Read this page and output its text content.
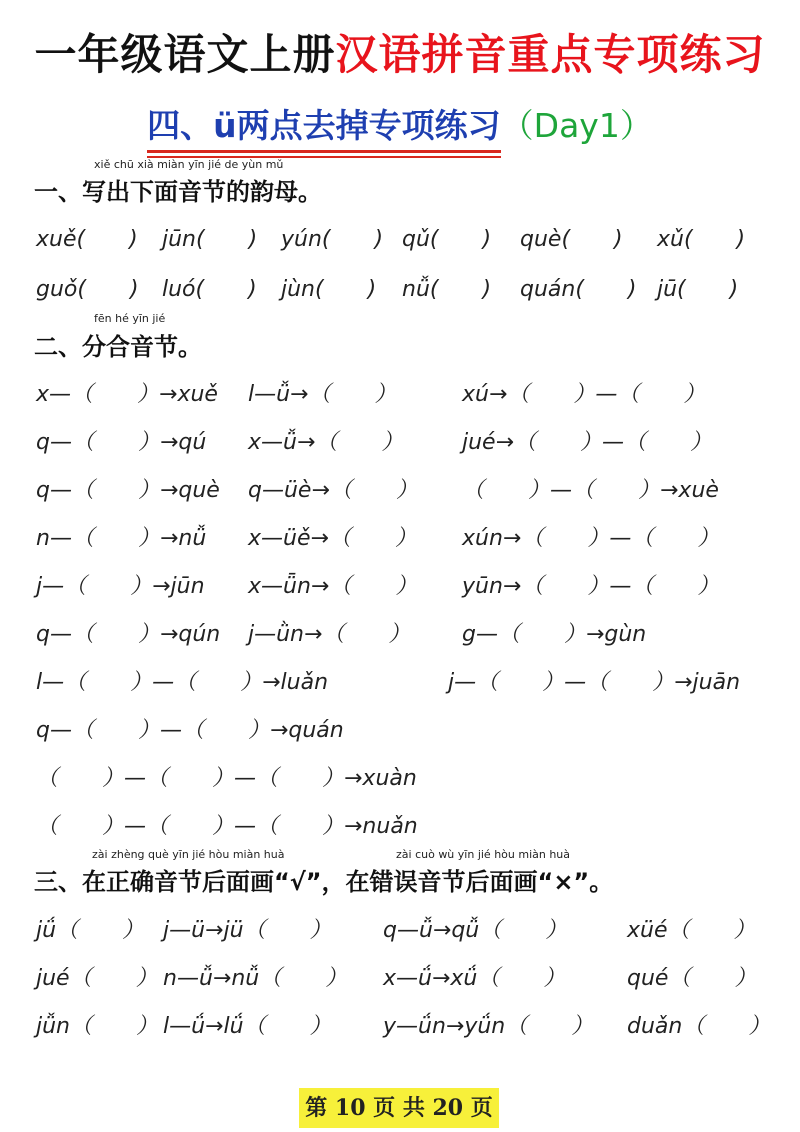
一年级语文上册汉语拼音重点专项练习
四、ü两点去掉专项练习（Day1）
xiě chū xià miàn yīn jié de yùn mǔ
一、写出下面音节的韵母。
xuě(　　) jūn(　　) yún(　　) qǔ(　　) què(　　) xǔ(　　)
guǒ(　　) luó(　　) jùn(　　) nǚ(　　) quán(　　) jū(　　)
fēn hé yīn jié
二、分合音节。
x—（　　）→xuě l—ǚ→（　　）	xú→（　　）—（　　）
q—（　　）→qú x—ǚ→（　　）	jué→（　　）—（　　）
q—（　　）→què q—üè→（　　） （　　）—（　　）→xuè
n—（　　）→nǚ x—üě→（　　） xún→（　　）—（　　）
j—（　　）→jūn x—ǖn→（　　） yūn→（　　）—（　　）
q—（　　）→qún j—ǜn→（　　） g—（　　）→gùn
l—（　　）—（　　）→luǎn	j—（　　）—（　　）→juān
q—（　　）—（　　）→quán
（　　）—（　　）—（　　）→xuàn
（　　）—（　　）—（　　）→nuǎn
zài zhèng què yīn jié hòu miàn huà	zài cuò wù yīn jié hòu miàn huà
三、在正确音节后面画“√”，在错误音节后面画“×”。
jǘ（　　） j—ü→jü（　　） q—ǚ→qǚ（　　）	xüé（　　）
jué（　　） n—ǚ→nǚ（　　） x—ǘ→xǘ（　　）	qué（　　）
jǚn（　　） l—ǘ→lǘ（　　） y—ǘn→yǘn（　　） duǎn（　　）
第 10 页 共 20 页
